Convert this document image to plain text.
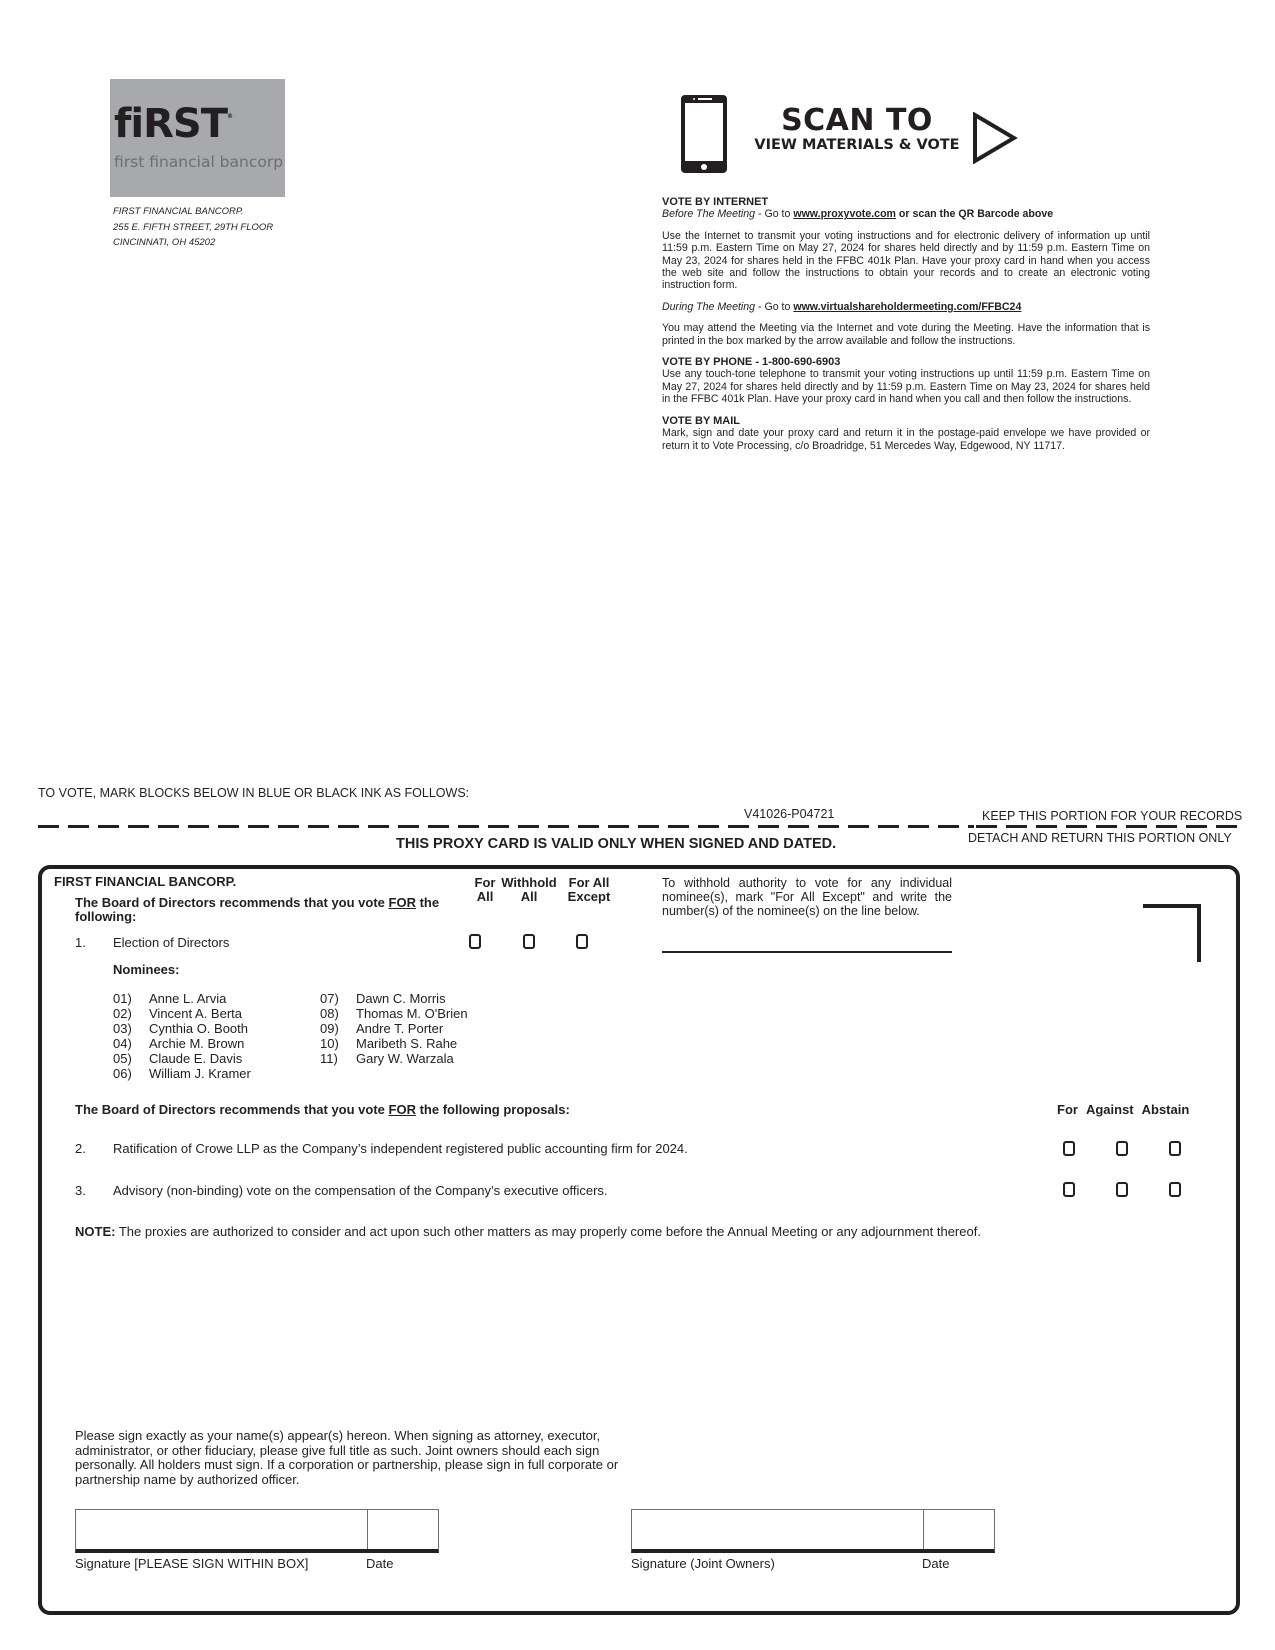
fiRST®
first financial bancorp
FIRST FINANCIAL BANCORP.
255 E. FIFTH STREET, 29TH FLOOR
CINCINNATI, OH 45202
SCAN TO
VIEW MATERIALS & VOTE
VOTE BY INTERNET
Before The Meeting - Go to www.proxyvote.com or scan the QR Barcode above
Use the Internet to transmit your voting instructions and for electronic delivery of information up until 11:59 p.m. Eastern Time on May 27, 2024 for shares held directly and by 11:59 p.m. Eastern Time on May 23, 2024 for shares held in the FFBC 401k Plan. Have your proxy card in hand when you access the web site and follow the instructions to obtain your records and to create an electronic voting instruction form.
During The Meeting - Go to www.virtualshareholdermeeting.com/FFBC24
You may attend the Meeting via the Internet and vote during the Meeting. Have the information that is printed in the box marked by the arrow available and follow the instructions.
VOTE BY PHONE - 1-800-690-6903
Use any touch-tone telephone to transmit your voting instructions up until 11:59 p.m. Eastern Time on May 27, 2024 for shares held directly and by 11:59 p.m. Eastern Time on May 23, 2024 for shares held in the FFBC 401k Plan. Have your proxy card in hand when you call and then follow the instructions.
VOTE BY MAIL
Mark, sign and date your proxy card and return it in the postage-paid envelope we have provided or return it to Vote Processing, c/o Broadridge, 51 Mercedes Way, Edgewood, NY 11717.
TO VOTE, MARK BLOCKS BELOW IN BLUE OR BLACK INK AS FOLLOWS:
V41026-P04721	KEEP THIS PORTION FOR YOUR RECORDS
DETACH AND RETURN THIS PORTION ONLY
THIS PROXY CARD IS VALID ONLY WHEN SIGNED AND DATED.
FIRST FINANCIAL BANCORP.
The Board of Directors recommends that you vote FOR the following:
1. Election of Directors
Nominees:
01) Anne L. Arvia
02) Vincent A. Berta
03) Cynthia O. Booth
04) Archie M. Brown
05) Claude E. Davis
06) William J. Kramer
07) Dawn C. Morris
08) Thomas M. O'Brien
09) Andre T. Porter
10) Maribeth S. Rahe
11) Gary W. Warzala
For
All
Withhold
All
For All
Except
To withhold authority to vote for any individual nominee(s), mark "For All Except" and write the number(s) of the nominee(s) on the line below.
The Board of Directors recommends that you vote FOR the following proposals:	For Against Abstain
2. Ratification of Crowe LLP as the Company’s independent registered public accounting firm for 2024.
3. Advisory (non-binding) vote on the compensation of the Company’s executive officers.
NOTE: The proxies are authorized to consider and act upon such other matters as may properly come before the Annual Meeting or any adjournment thereof.
Please sign exactly as your name(s) appear(s) hereon. When signing as attorney, executor, administrator, or other fiduciary, please give full title as such. Joint owners should each sign personally. All holders must sign. If a corporation or partnership, please sign in full corporate or partnership name by authorized officer.
Signature [PLEASE SIGN WITHIN BOX]	Date	Signature (Joint Owners)	Date
